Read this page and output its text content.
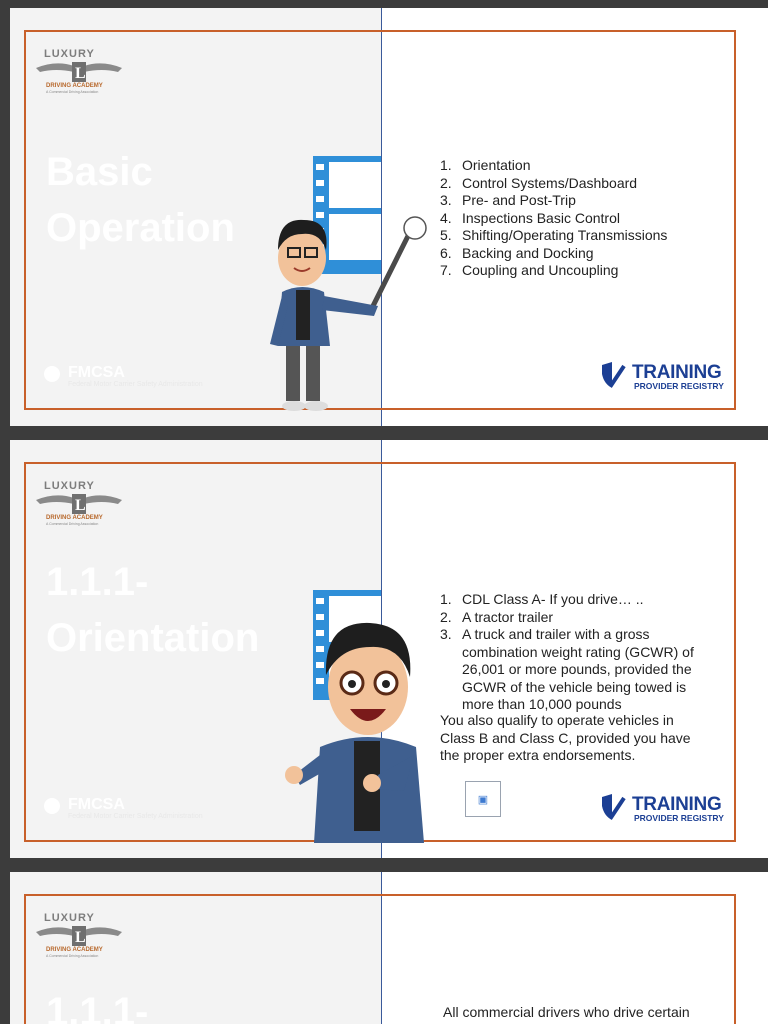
LUXURY
L
DRIVING ACADEMY
A Commercial Driving Association
Basic
Operation
1. Orientation
2. Control Systems/Dashboard
3. Pre- and Post-Trip
4. Inspections Basic Control
5. Shifting/Operating Transmissions
6. Backing and Docking
7. Coupling and Uncoupling
FMCSA
Federal Motor Carrier Safety Administration
TRAINING
PROVIDER REGISTRY
LUXURY
L
DRIVING ACADEMY
A Commercial Driving Association
1.1.1-
Orientation
1. CDL Class A- If you drive… ..
2. A tractor trailer
3. A truck and trailer with a gross combination weight rating (GCWR) of 26,001 or more pounds, provided the GCWR of the vehicle being towed is more than 10,000 pounds
You also qualify to operate vehicles in Class B and Class C, provided you have the proper extra endorsements.
▣
FMCSA
Federal Motor Carrier Safety Administration
TRAINING
PROVIDER REGISTRY
LUXURY
L
DRIVING ACADEMY
A Commercial Driving Association
1.1.1-	All commercial drivers who drive certain
